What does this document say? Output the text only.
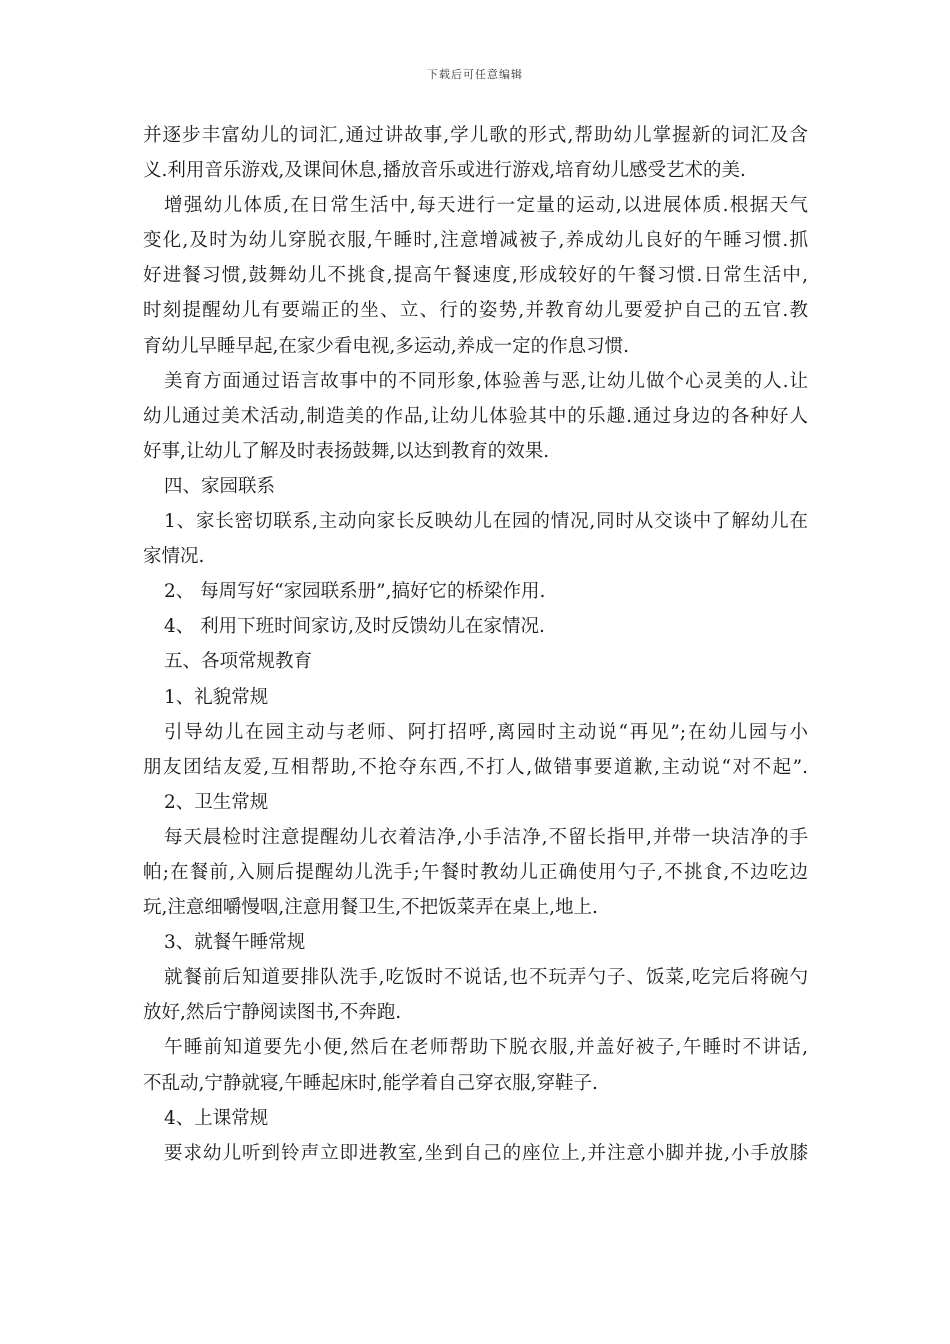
下载后可任意编辑
并逐步丰富幼儿的词汇,通过讲故事,学儿歌的形式,帮助幼儿掌握新的词汇及含
义.利用音乐游戏,及课间休息,播放音乐或进行游戏,培育幼儿感受艺术的美.
增强幼儿体质,在日常生活中,每天进行一定量的运动,以进展体质.根据天气
变化,及时为幼儿穿脱衣服,午睡时,注意增减被子,养成幼儿良好的午睡习惯.抓
好进餐习惯,鼓舞幼儿不挑食,提高午餐速度,形成较好的午餐习惯.日常生活中,
时刻提醒幼儿有要端正的坐、立、行的姿势,并教育幼儿要爱护自己的五官.教
育幼儿早睡早起,在家少看电视,多运动,养成一定的作息习惯.
美育方面通过语言故事中的不同形象,体验善与恶,让幼儿做个心灵美的人.让
幼儿通过美术活动,制造美的作品,让幼儿体验其中的乐趣.通过身边的各种好人
好事,让幼儿了解及时表扬鼓舞,以达到教育的效果.
四、家园联系
1、家长密切联系,主动向家长反映幼儿在园的情况,同时从交谈中了解幼儿在
家情况.
2、 每周写好“家园联系册”,搞好它的桥梁作用.
4、 利用下班时间家访,及时反馈幼儿在家情况.
五、各项常规教育
1、礼貌常规
引导幼儿在园主动与老师、阿打招呼,离园时主动说“再见”;在幼儿园与小
朋友团结友爱,互相帮助,不抢夺东西,不打人,做错事要道歉,主动说“对不起”.
2、卫生常规
每天晨检时注意提醒幼儿衣着洁净,小手洁净,不留长指甲,并带一块洁净的手
帕;在餐前,入厕后提醒幼儿洗手;午餐时教幼儿正确使用勺子,不挑食,不边吃边
玩,注意细嚼慢咽,注意用餐卫生,不把饭菜弄在桌上,地上.
3、就餐午睡常规
就餐前后知道要排队洗手,吃饭时不说话,也不玩弄勺子、饭菜,吃完后将碗勺
放好,然后宁静阅读图书,不奔跑.
午睡前知道要先小便,然后在老师帮助下脱衣服,并盖好被子,午睡时不讲话,
不乱动,宁静就寝,午睡起床时,能学着自己穿衣服,穿鞋子.
4、上课常规
要求幼儿听到铃声立即进教室,坐到自己的座位上,并注意小脚并拢,小手放膝
